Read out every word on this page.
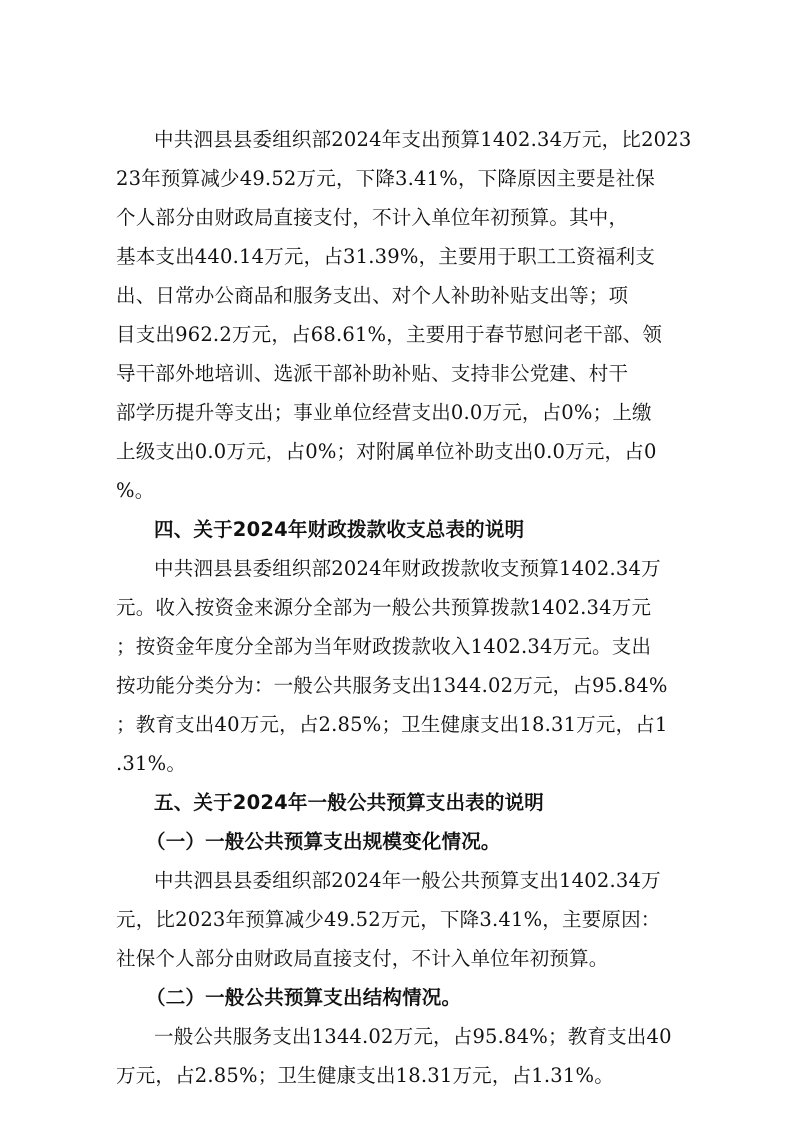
中共泗县县委组织部2024年支出预算1402.34万元，比2023
23年预算减少49.52万元，下降3.41%，下降原因主要是社保
个人部分由财政局直接支付，不计入单位年初预算。其中，
基本支出440.14万元，占31.39%，主要用于职工工资福利支
出、日常办公商品和服务支出、对个人补助补贴支出等；项
目支出962.2万元，占68.61%，主要用于春节慰问老干部、领
导干部外地培训、选派干部补助补贴、支持非公党建、村干
部学历提升等支出；事业单位经营支出0.0万元，占0%；上缴
上级支出0.0万元，占0%；对附属单位补助支出0.0万元，占0
%。
四、关于2024年财政拨款收支总表的说明
中共泗县县委组织部2024年财政拨款收支预算1402.34万
元。收入按资金来源分全部为一般公共预算拨款1402.34万元
；按资金年度分全部为当年财政拨款收入1402.34万元。支出
按功能分类分为：一般公共服务支出1344.02万元，占95.84%
；教育支出40万元，占2.85%；卫生健康支出18.31万元，占1
.31%。
五、关于2024年一般公共预算支出表的说明
（一）一般公共预算支出规模变化情况。
中共泗县县委组织部2024年一般公共预算支出1402.34万
元，比2023年预算减少49.52万元，下降3.41%，主要原因：
社保个人部分由财政局直接支付，不计入单位年初预算。
（二）一般公共预算支出结构情况。
一般公共服务支出1344.02万元，占95.84%；教育支出40
万元，占2.85%；卫生健康支出18.31万元，占1.31%。
